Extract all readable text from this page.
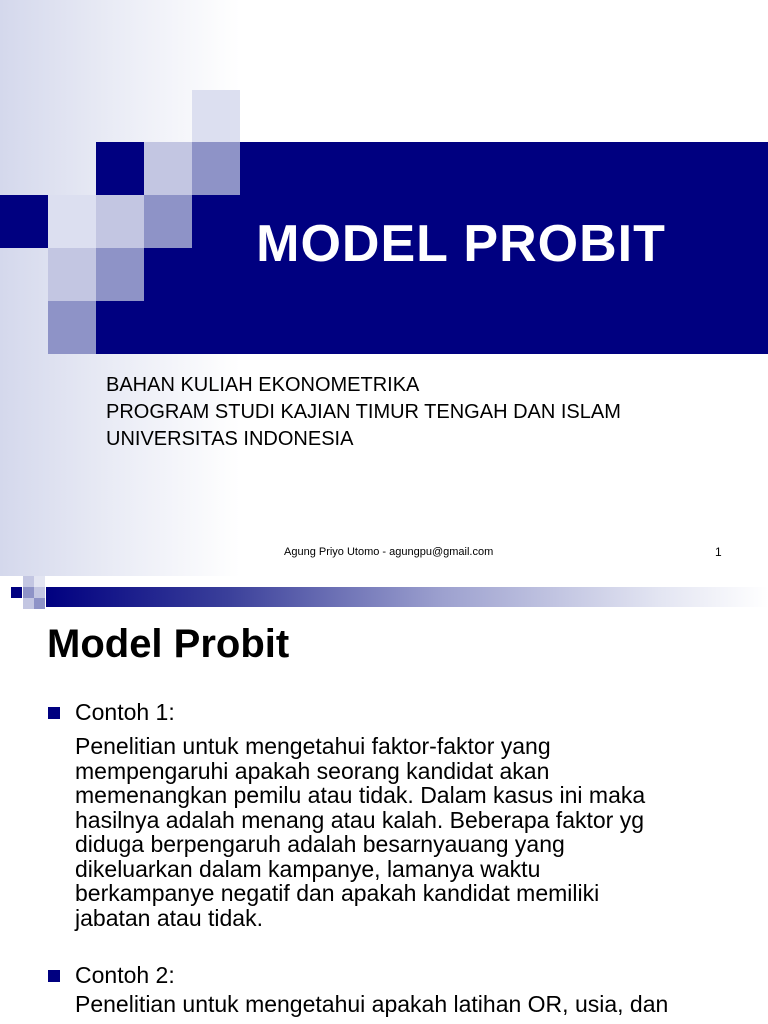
MODEL PROBIT
BAHAN KULIAH EKONOMETRIKA
PROGRAM STUDI KAJIAN TIMUR TENGAH DAN ISLAM
UNIVERSITAS INDONESIA
Agung Priyo Utomo - agungpu@gmail.com	1
Model Probit
Contoh 1:
Penelitian untuk mengetahui faktor-faktor yang
mempengaruhi apakah seorang kandidat akan
memenangkan pemilu atau tidak. Dalam kasus ini maka
hasilnya adalah menang atau kalah. Beberapa faktor yg
diduga berpengaruh adalah besarnyauang yang
dikeluarkan dalam kampanye, lamanya waktu
berkampanye negatif dan apakah kandidat memiliki
jabatan atau tidak.
Contoh 2:
Penelitian untuk mengetahui apakah latihan OR, usia, dan
